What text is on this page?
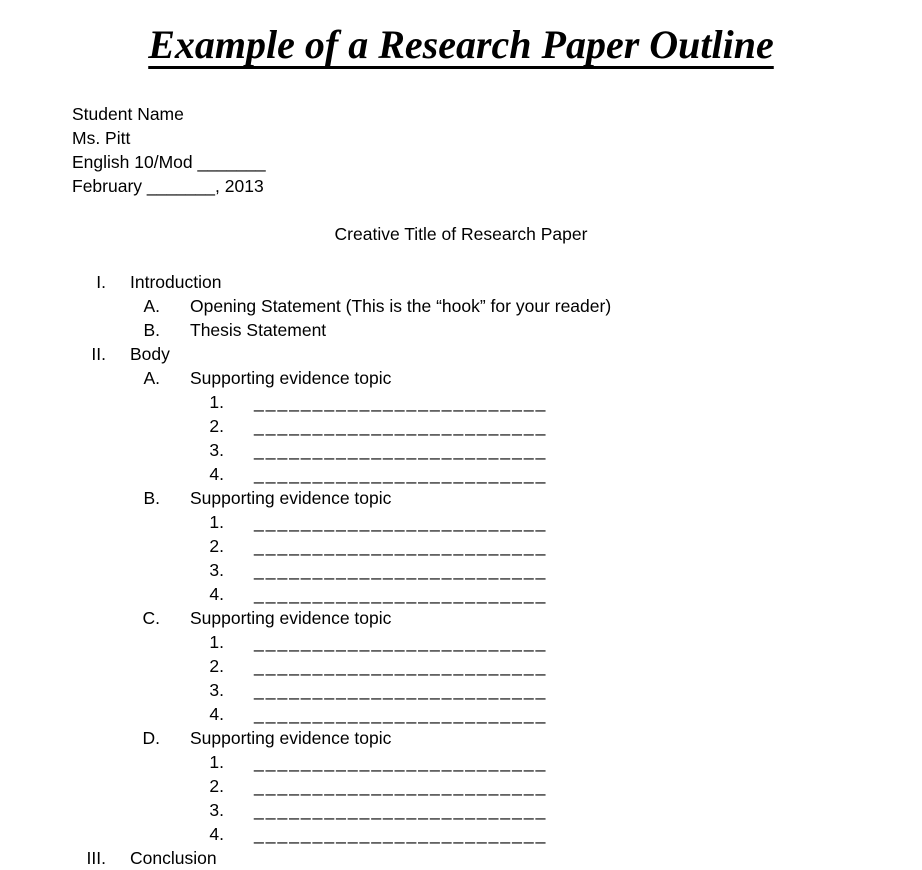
Example of a Research Paper Outline
Student Name
Ms. Pitt
English 10/Mod _______
February _______, 2013
Creative Title of Research Paper
I. Introduction
A. Opening Statement (This is the “hook” for your reader)
B. Thesis Statement
II. Body
A. Supporting evidence topic
1. _________________________
2. _________________________
3. _________________________
4. _________________________
B. Supporting evidence topic
1. _________________________
2. _________________________
3. _________________________
4. _________________________
C. Supporting evidence topic
1. _________________________
2. _________________________
3. _________________________
4. _________________________
D. Supporting evidence topic
1. _________________________
2. _________________________
3. _________________________
4. _________________________
III. Conclusion
